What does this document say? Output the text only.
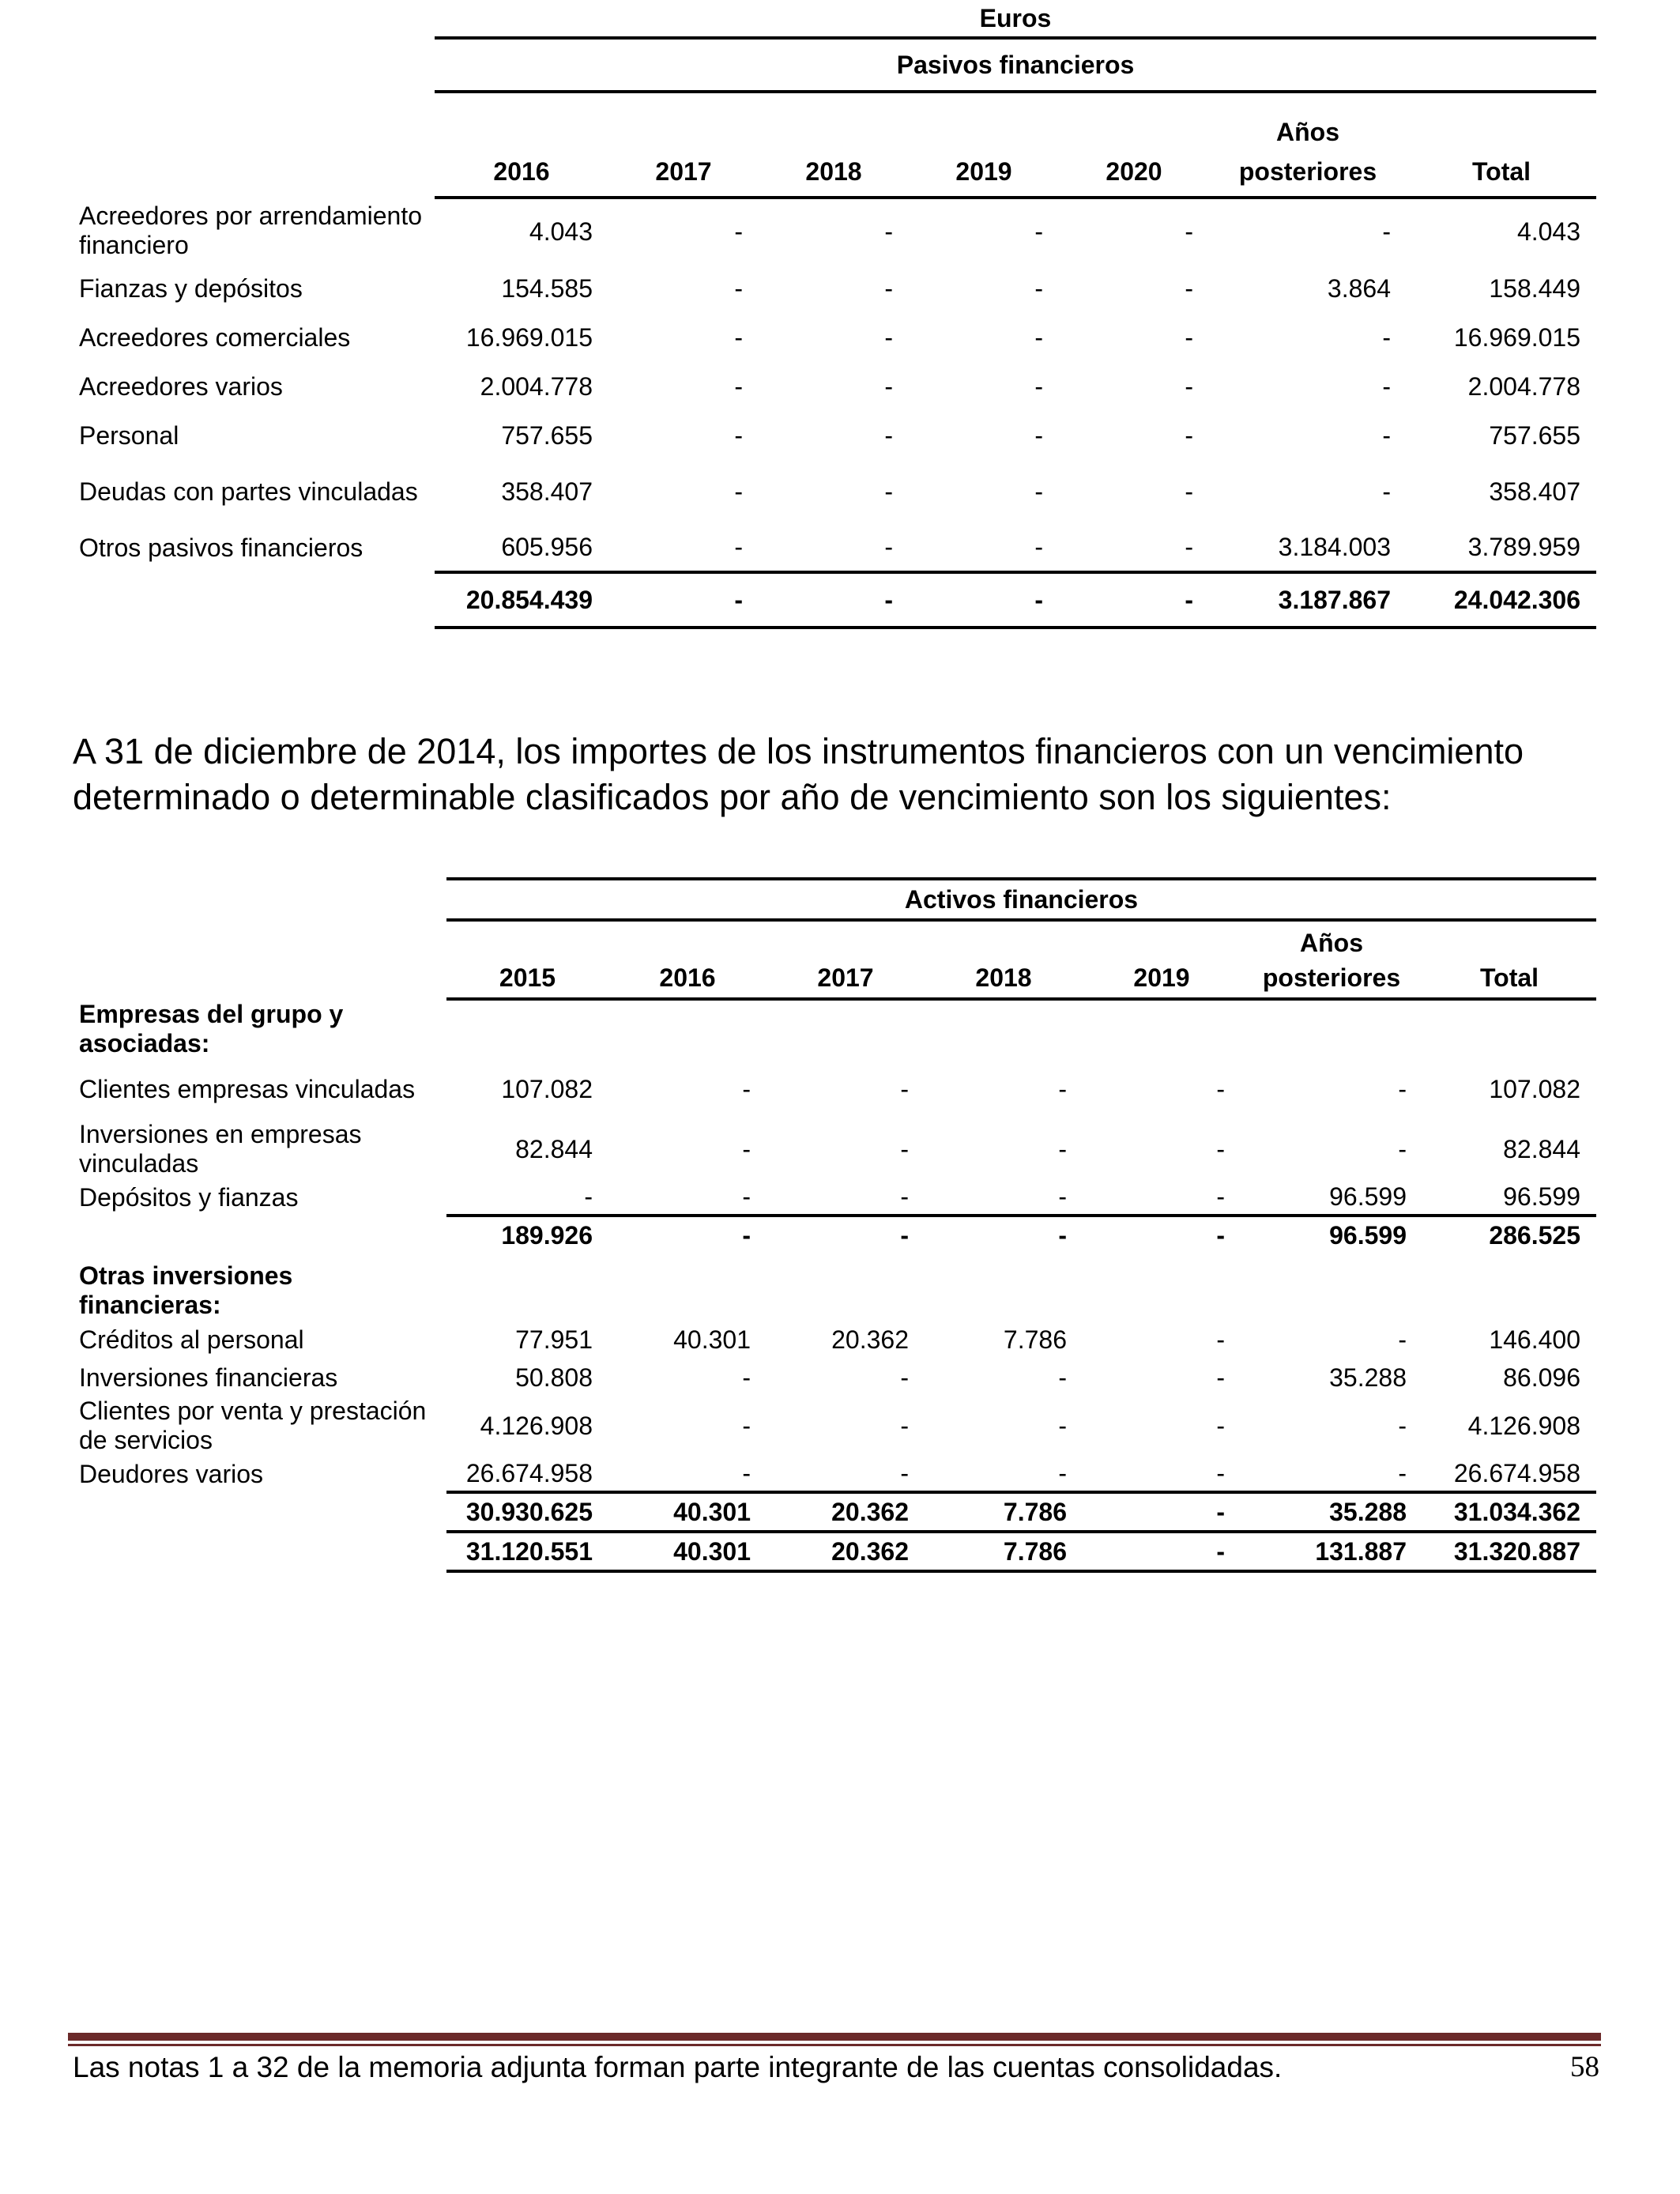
	Euros						
	Pasivos financieros						
						Años	
	2016	2017	2018	2019	2020	posteriores	Total
Acreedores por arrendamiento financiero	4.043	-	-	-	-	-	4.043
Fianzas y depósitos	154.585	-	-	-	-	3.864	158.449
Acreedores comerciales	16.969.015	-	-	-	-	-	16.969.015
Acreedores varios	2.004.778	-	-	-	-	-	2.004.778
Personal	757.655	-	-	-	-	-	757.655
Deudas con partes vinculadas	358.407	-	-	-	-	-	358.407
Otros pasivos financieros	605.956	-	-	-	-	3.184.003	3.789.959
	20.854.439	-	-	-	-	3.187.867	24.042.306
A 31 de diciembre de 2014, los importes de los instrumentos financieros con un vencimiento determinado o determinable clasificados por año de vencimiento son los siguientes:
	Activos financieros						
						Años	
	2015	2016	2017	2018	2019	posteriores	Total
Empresas del grupo y asociadas:							
Clientes empresas vinculadas	107.082	-	-	-	-	-	107.082
Inversiones en empresas vinculadas	82.844	-	-	-	-	-	82.844
Depósitos y fianzas	-	-	-	-	-	96.599	96.599
	189.926	-	-	-	-	96.599	286.525
Otras inversiones financieras:							
Créditos al personal	77.951	40.301	20.362	7.786	-	-	146.400
Inversiones financieras	50.808	-	-	-	-	35.288	86.096
Clientes por venta y prestación de servicios	4.126.908	-	-	-	-	-	4.126.908
Deudores varios	26.674.958	-	-	-	-	-	26.674.958
	30.930.625	40.301	20.362	7.786	-	35.288	31.034.362
	31.120.551	40.301	20.362	7.786	-	131.887	31.320.887
Las notas 1 a 32 de la memoria adjunta forman parte integrante de las cuentas consolidadas.	58
